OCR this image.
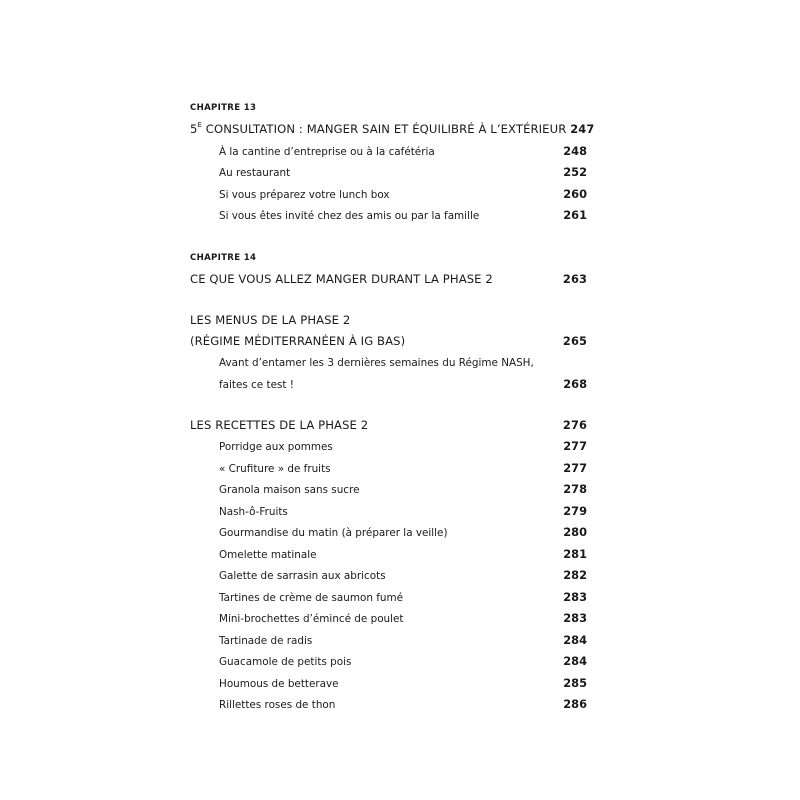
CHAPITRE 13
$5^E$ CONSULTATION : MANGER SAIN ET ÉQUILIBRÉ À L’EXTÉRIEUR 247
À la cantine d’entreprise ou à la cafétéria	248
Au restaurant	252
Si vous préparez votre lunch box	260
Si vous êtes invité chez des amis ou par la famille	261
CHAPITRE 14
CE QUE VOUS ALLEZ MANGER DURANT LA PHASE 2	263
LES MENUS DE LA PHASE 2
(RÉGIME MÉDITERRANÉEN À IG BAS)	265
Avant d’entamer les 3 dernières semaines du Régime NASH,
faites ce test !	268
LES RECETTES DE LA PHASE 2	276
Porridge aux pommes	277
« Crufiture » de fruits	277
Granola maison sans sucre	278
Nash-ô-Fruits	279
Gourmandise du matin (à préparer la veille)	280
Omelette matinale	281
Galette de sarrasin aux abricots	282
Tartines de crème de saumon fumé	283
Mini-brochettes d’émincé de poulet	283
Tartinade de radis	284
Guacamole de petits pois	284
Houmous de betterave	285
Rillettes roses de thon	286
